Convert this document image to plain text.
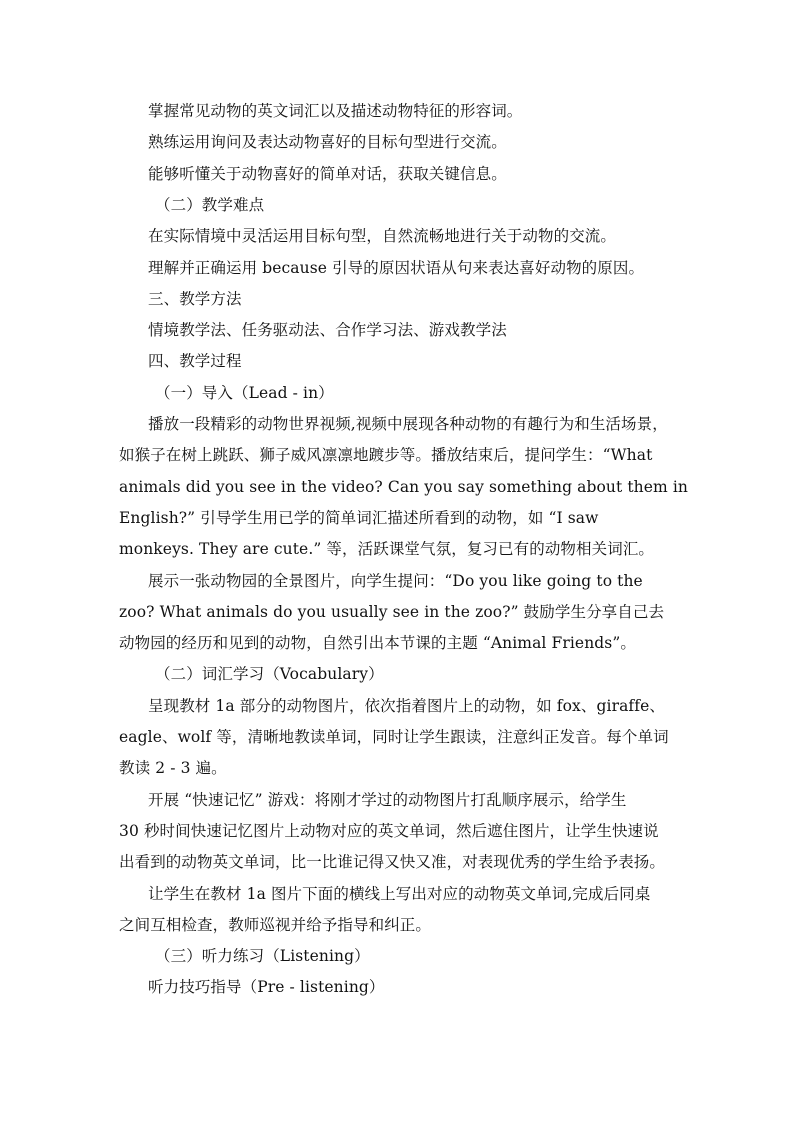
掌握常见动物的英文词汇以及描述动物特征的形容词。
熟练运用询问及表达动物喜好的目标句型进行交流。
能够听懂关于动物喜好的简单对话，获取关键信息。
（二）教学难点
在实际情境中灵活运用目标句型，自然流畅地进行关于动物的交流。
理解并正确运用 because 引导的原因状语从句来表达喜好动物的原因。
三、教学方法
情境教学法、任务驱动法、合作学习法、游戏教学法
四、教学过程
（一）导入（Lead - in）
播放一段精彩的动物世界视频,视频中展现各种动物的有趣行为和生活场景，
如猴子在树上跳跃、狮子威风凛凛地踱步等。播放结束后，提问学生：“What
animals did you see in the video? Can you say something about them in
English?” 引导学生用已学的简单词汇描述所看到的动物，如 “I saw
monkeys. They are cute.” 等，活跃课堂气氛，复习已有的动物相关词汇。
展示一张动物园的全景图片，向学生提问：“Do you like going to the
zoo? What animals do you usually see in the zoo?” 鼓励学生分享自己去
动物园的经历和见到的动物，自然引出本节课的主题 “Animal Friends”。
（二）词汇学习（Vocabulary）
呈现教材 1a 部分的动物图片，依次指着图片上的动物，如 fox、giraffe、
eagle、wolf 等，清晰地教读单词，同时让学生跟读，注意纠正发音。每个单词
教读 2 - 3 遍。
开展 “快速记忆” 游戏：将刚才学过的动物图片打乱顺序展示，给学生
30 秒时间快速记忆图片上动物对应的英文单词，然后遮住图片，让学生快速说
出看到的动物英文单词，比一比谁记得又快又准，对表现优秀的学生给予表扬。
让学生在教材 1a 图片下面的横线上写出对应的动物英文单词,完成后同桌
之间互相检查，教师巡视并给予指导和纠正。
（三）听力练习（Listening）
听力技巧指导（Pre - listening）
